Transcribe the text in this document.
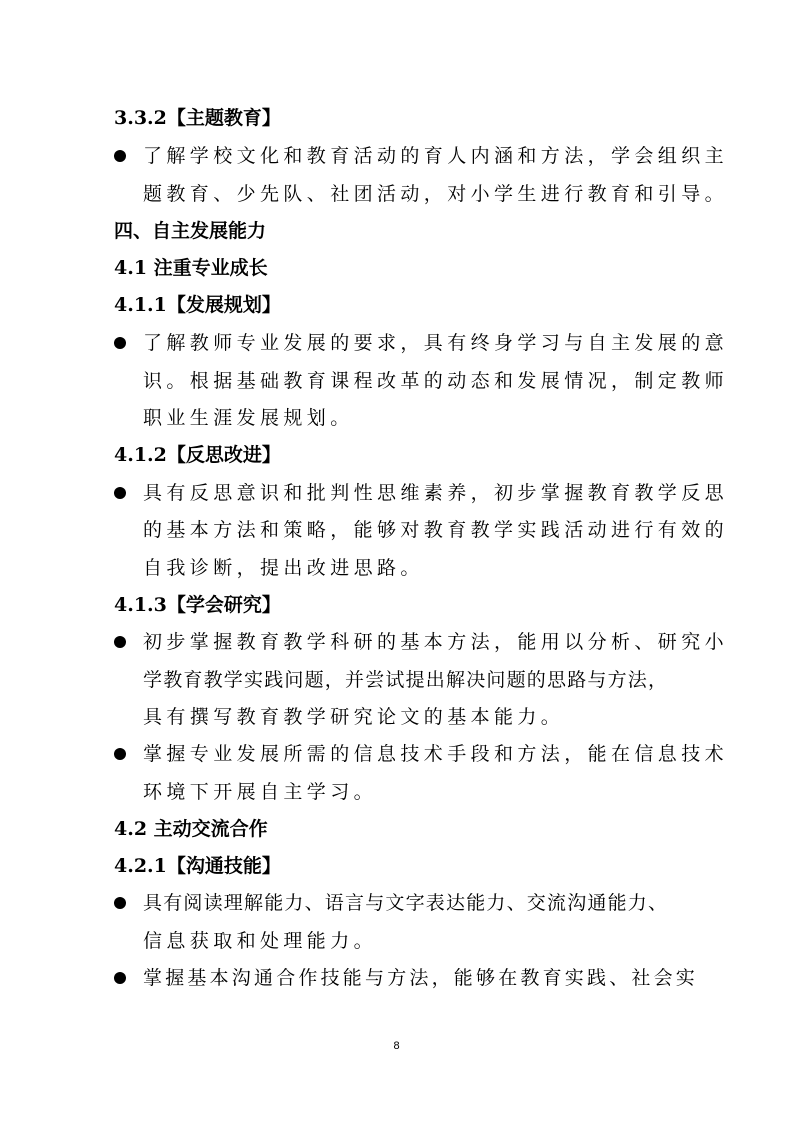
3.3.2【主题教育】
了解学校文化和教育活动的育人内涵和方法，学会组织主
题教育、少先队、社团活动，对小学生进行教育和引导。
四、自主发展能力
4.1 注重专业成长
4.1.1【发展规划】
了解教师专业发展的要求，具有终身学习与自主发展的意
识。根据基础教育课程改革的动态和发展情况，制定教师
职业生涯发展规划。
4.1.2【反思改进】
具有反思意识和批判性思维素养，初步掌握教育教学反思
的基本方法和策略，能够对教育教学实践活动进行有效的
自我诊断，提出改进思路。
4.1.3【学会研究】
初步掌握教育教学科研的基本方法，能用以分析、研究小
学教育教学实践问题，并尝试提出解决问题的思路与方法，
具有撰写教育教学研究论文的基本能力。
掌握专业发展所需的信息技术手段和方法，能在信息技术
环境下开展自主学习。
4.2 主动交流合作
4.2.1【沟通技能】
具有阅读理解能力、语言与文字表达能力、交流沟通能力、
信息获取和处理能力。
掌握基本沟通合作技能与方法，能够在教育实践、社会实
8
